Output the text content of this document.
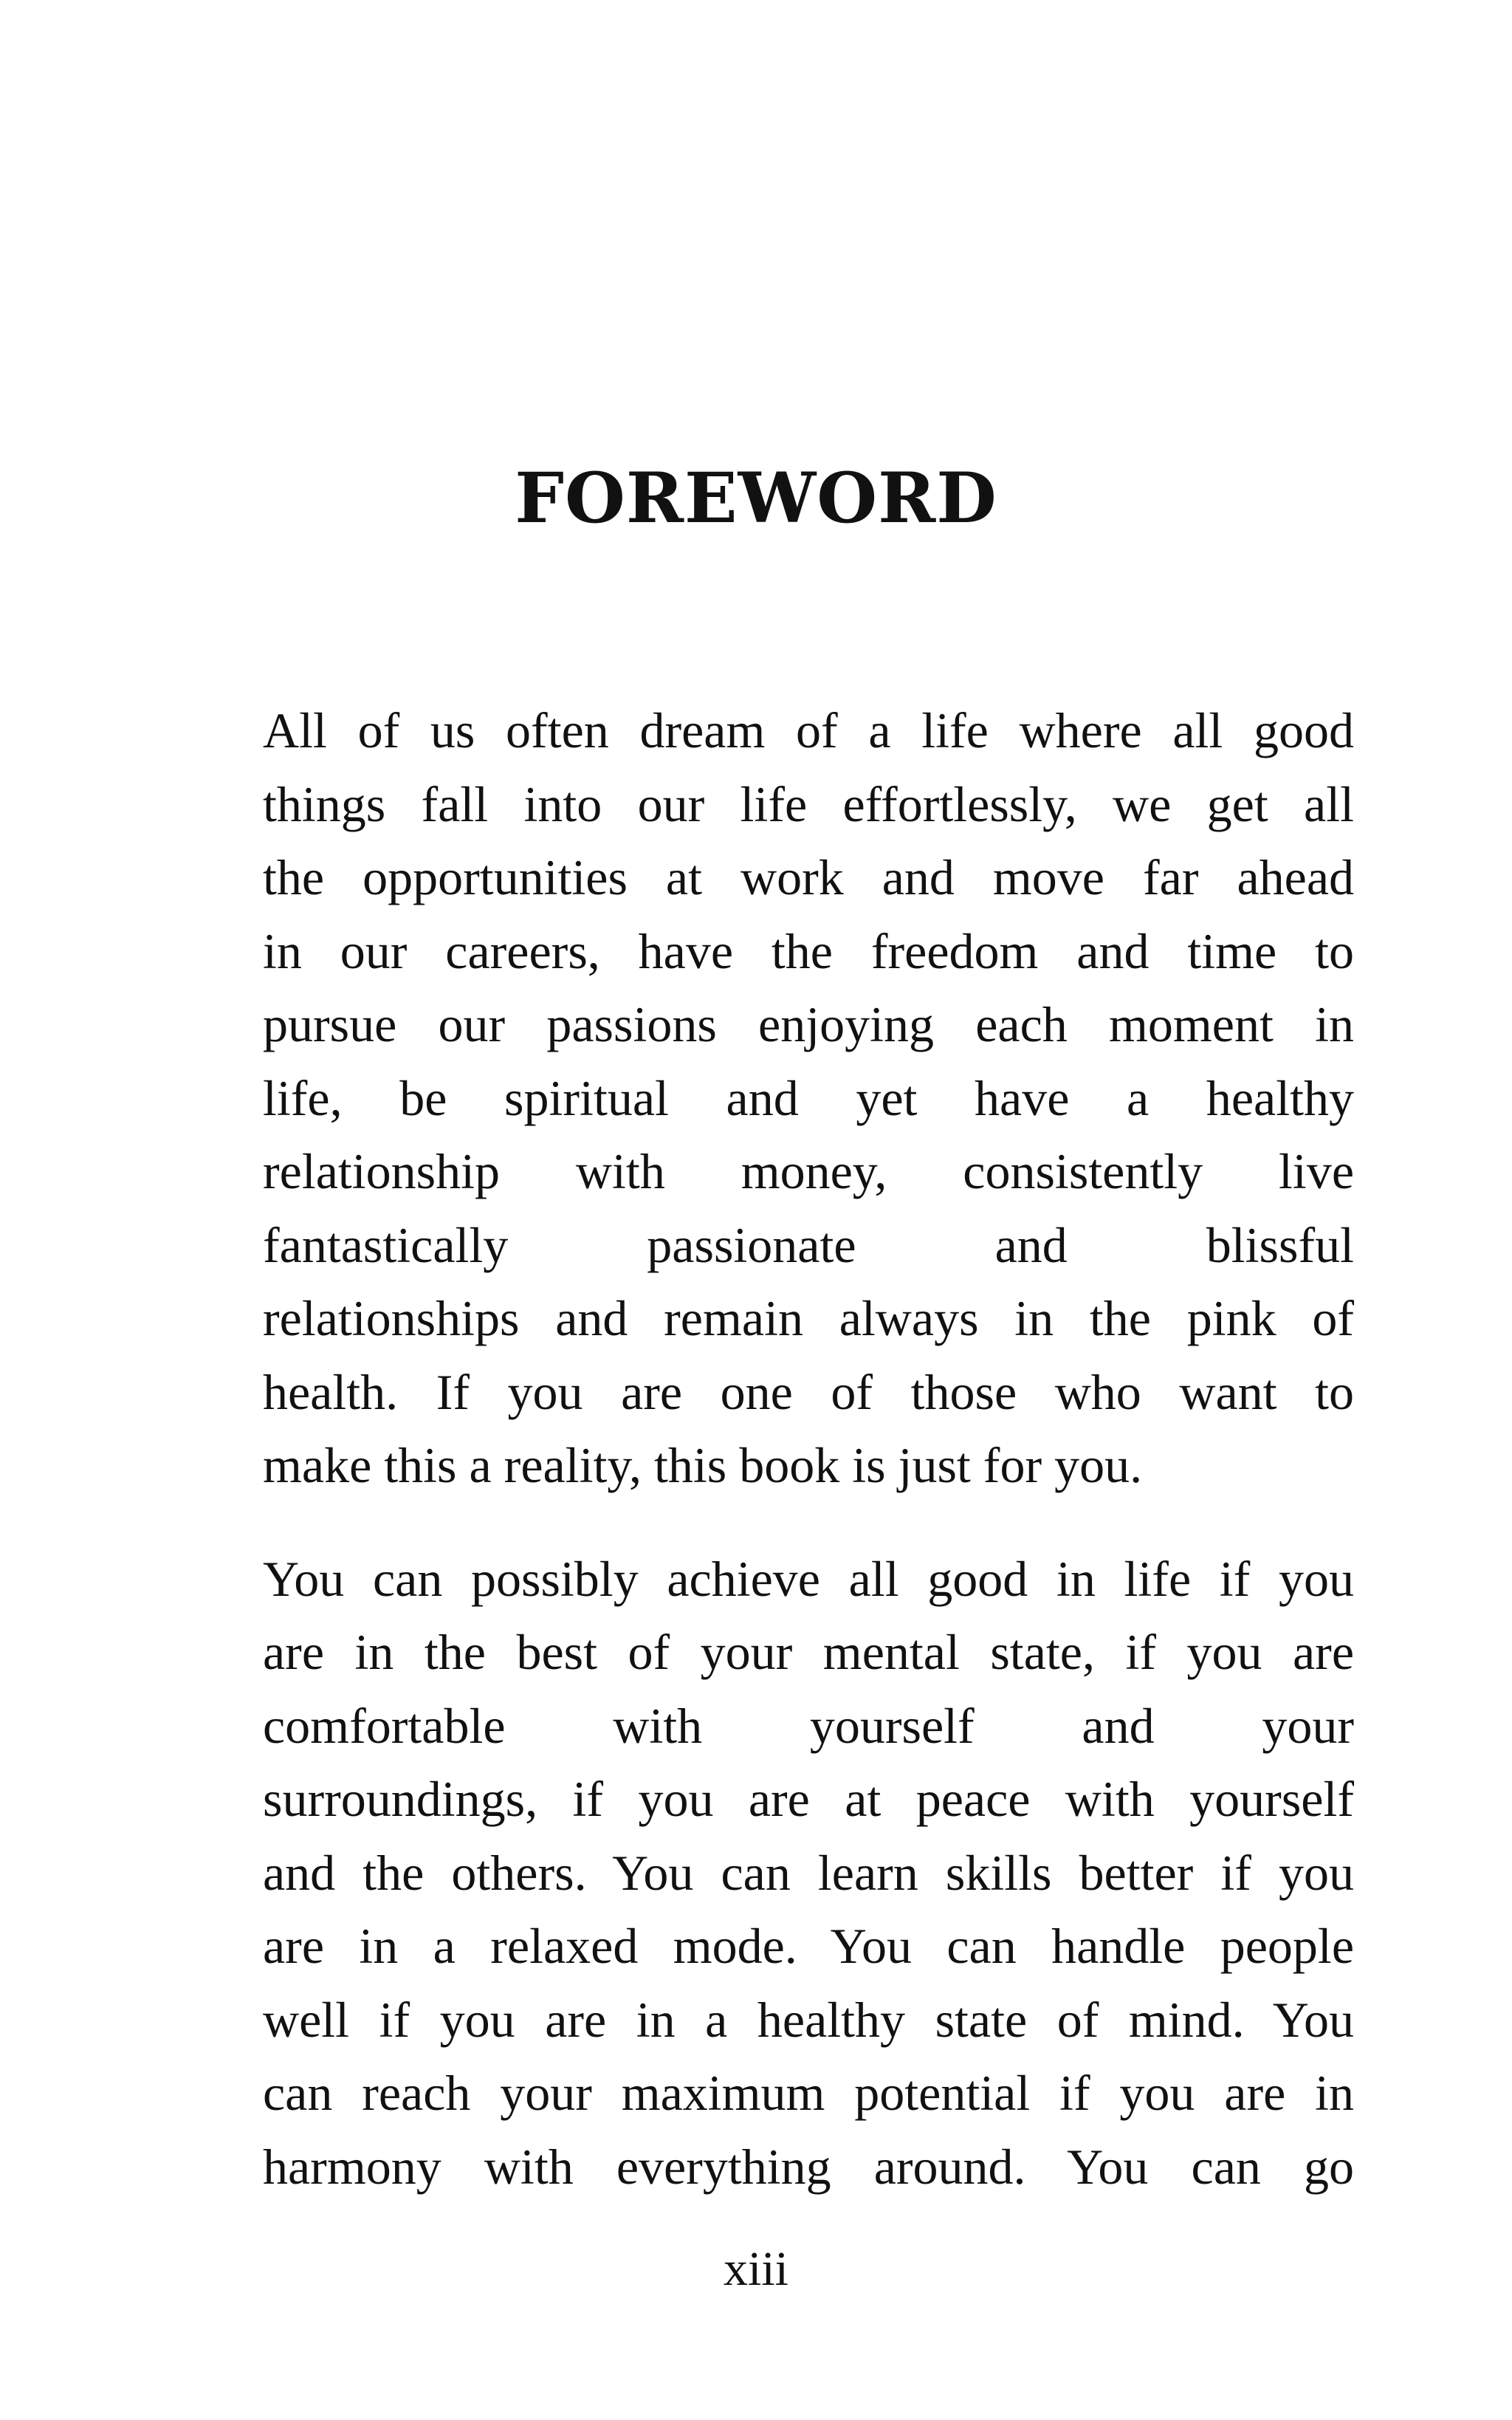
FOREWORD

All of us often dream of a life where all good
things fall into our life effortlessly, we get all
the opportunities at work and move far ahead
in our careers, have the freedom and time to
pursue our passions enjoying each moment in
life, be spiritual and yet have a healthy
relationship with money, consistently live
fantastically passionate and blissful
relationships and remain always in the pink of
health. If you are one of those who want to
make this a reality, this book is just for you.

You can possibly achieve all good in life if you
are in the best of your mental state, if you are
comfortable with yourself and your
surroundings, if you are at peace with yourself
and the others. You can learn skills better if you
are in a relaxed mode. You can handle people
well if you are in a healthy state of mind. You
can reach your maximum potential if you are in
harmony with everything around. You can go

xiii
